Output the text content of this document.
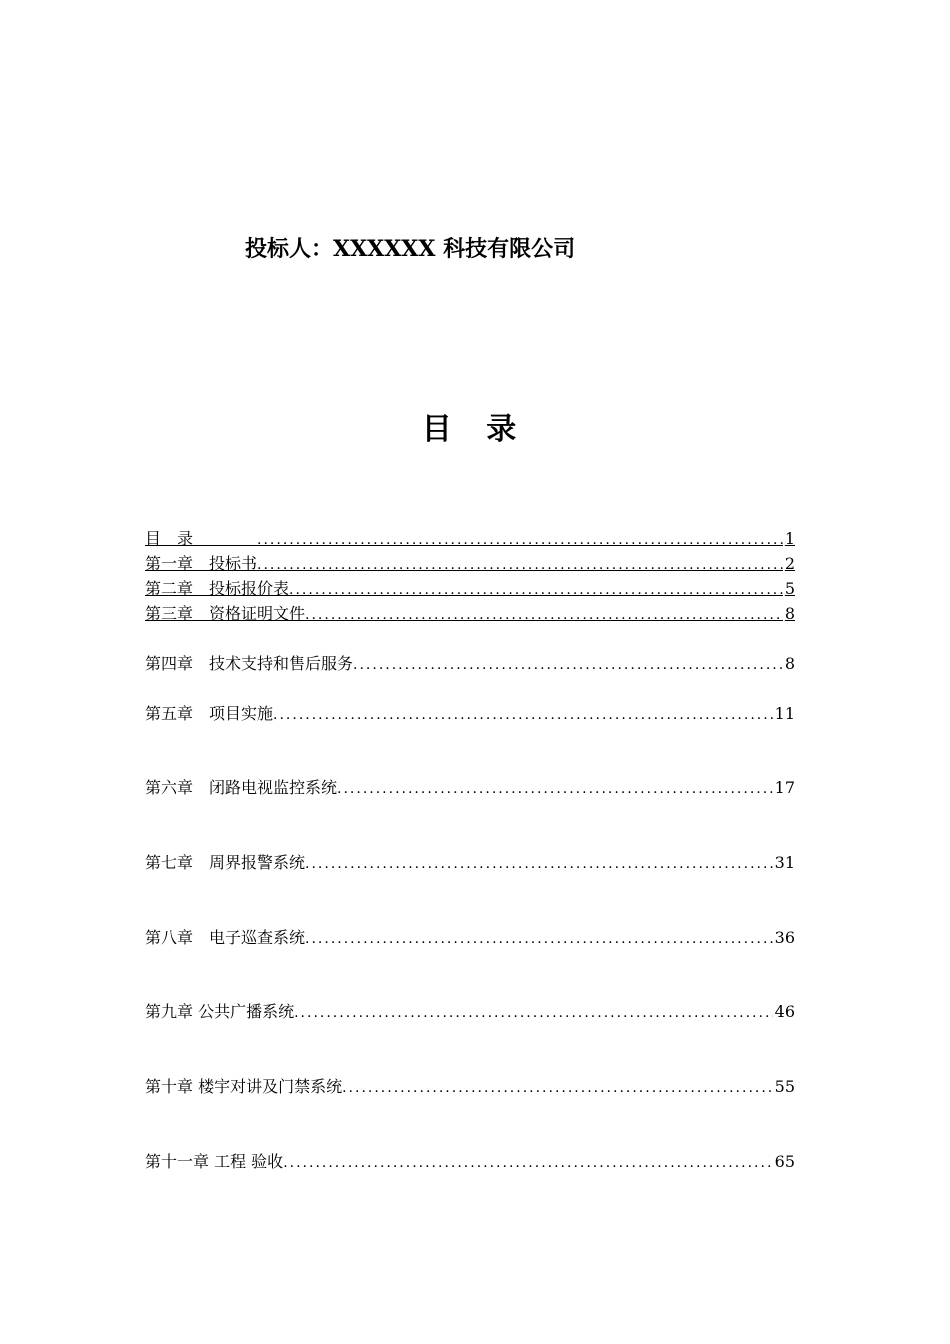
投标人：XXXXXX 科技有限公司
目 录
目　录　　　　 .....	1
第一章　投标书 .....	2
第二章　投标报价表 .....	5
第三章　资格证明文件 .....	8
第四章　技术支持和售后服务 .....	8
第五章　项目实施 .....	11
第六章　闭路电视监控系统 .....	17
第七章　周界报警系统 .....	31
第八章　电子巡查系统 .....	36
第九章 公共广播系统 .....	46
第十章 楼宇对讲及门禁系统 .....	55
第十一章 工程 验收 .....	65
